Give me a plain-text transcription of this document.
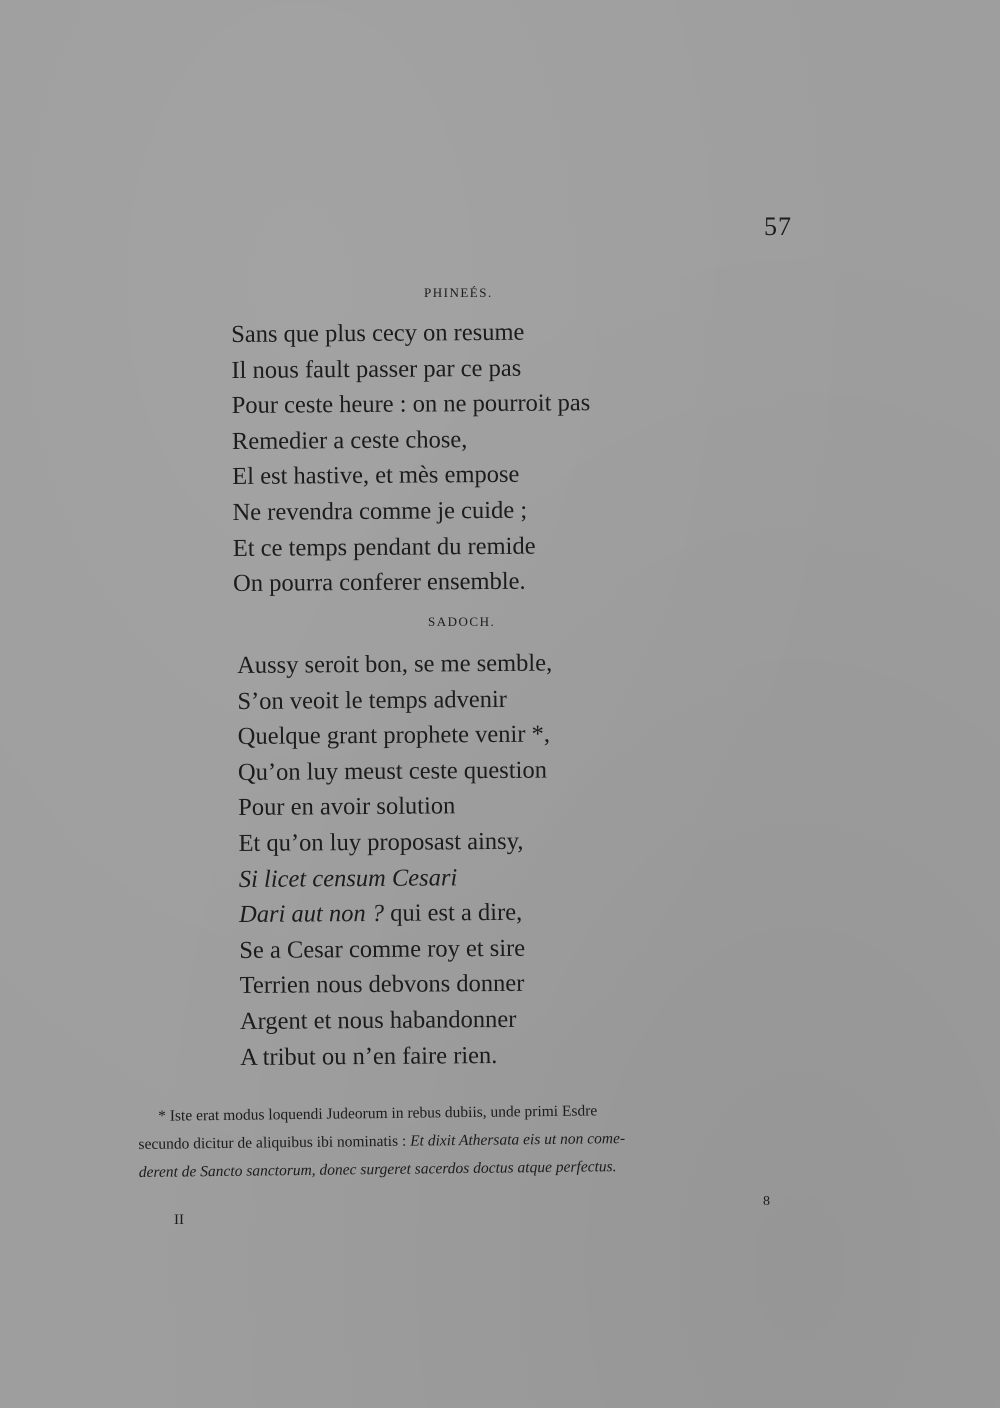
57
PHINEÉS.
Sans que plus cecy on resume
Il nous fault passer par ce pas
Pour ceste heure : on ne pourroit pas
Remedier a ceste chose,
El est hastive, et mès empose
Ne revendra comme je cuide ;
Et ce temps pendant du remide
On pourra conferer ensemble.
SADOCH.
Aussy seroit bon, se me semble,
S’on veoit le temps advenir
Quelque grant prophete venir *,
Qu’on luy meust ceste question
Pour en avoir solution
Et qu’on luy proposast ainsy,
Si licet censum Cesari
Dari aut non ? qui est a dire,
Se a Cesar comme roy et sire
Terrien nous debvons donner
Argent et nous habandonner
A tribut ou n’en faire rien.
* Iste erat modus loquendi Judeorum in rebus dubiis, unde primi Esdre
secundo dicitur de aliquibus ibi nominatis : Et dixit Athersata eis ut non come-
derent de Sancto sanctorum, donec surgeret sacerdos doctus atque perfectus.
II
8
